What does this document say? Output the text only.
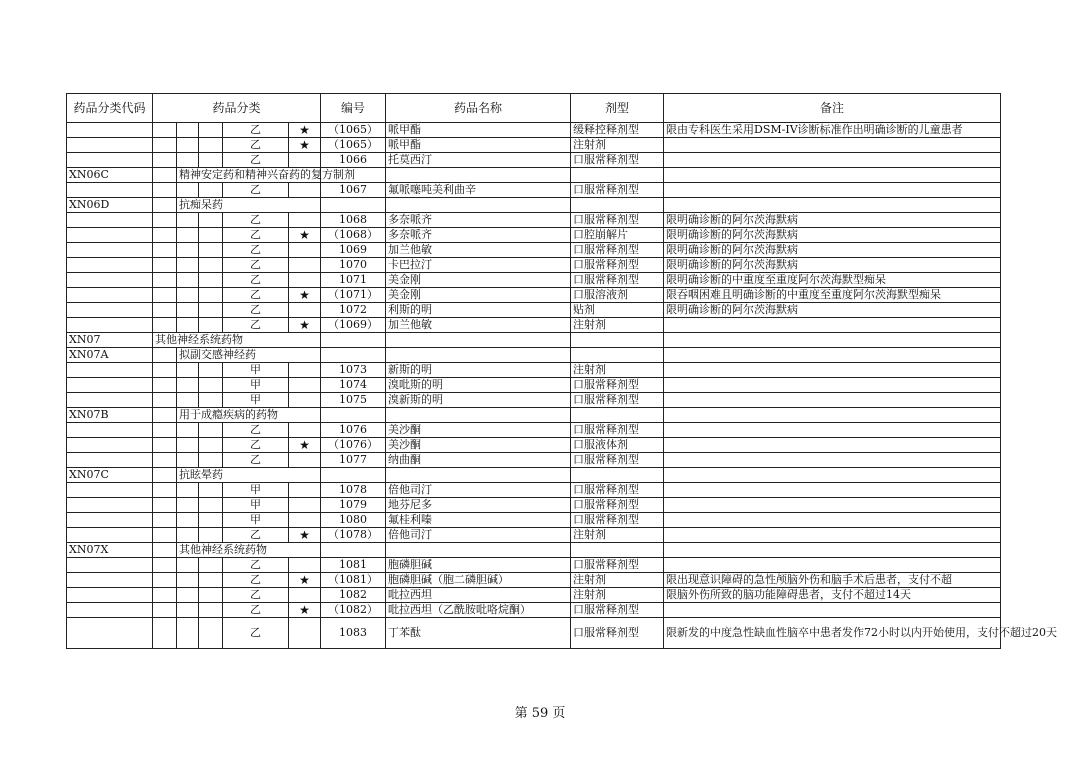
药品分类代码	药品分类					编号	药品名称	剂型	备注
				乙	★	（1065）	哌甲酯	缓释控释剂型	限由专科医生采用DSM-IV诊断标准作出明确诊断的儿童患者
				乙	★	（1065）	哌甲酯	注射剂	
				乙		1066	托莫西汀	口服常释剂型	
XN06C		精神安定药和精神兴奋药的复方制剂							
				乙		1067	氟哌噻吨美利曲辛	口服常释剂型	
XN06D		抗痴呆药							
				乙		1068	多奈哌齐	口服常释剂型	限明确诊断的阿尔茨海默病
				乙	★	（1068）	多奈哌齐	口腔崩解片	限明确诊断的阿尔茨海默病
				乙		1069	加兰他敏	口服常释剂型	限明确诊断的阿尔茨海默病
				乙		1070	卡巴拉汀	口服常释剂型	限明确诊断的阿尔茨海默病
				乙		1071	美金刚	口服常释剂型	限明确诊断的中重度至重度阿尔茨海默型痴呆
				乙	★	（1071）	美金刚	口服溶液剂	限吞咽困难且明确诊断的中重度至重度阿尔茨海默型痴呆
				乙		1072	利斯的明	贴剂	限明确诊断的阿尔茨海默病
				乙	★	（1069）	加兰他敏	注射剂	
XN07	其他神经系统药物								
XN07A		拟副交感神经药							
				甲		1073	新斯的明	注射剂	
				甲		1074	溴吡斯的明	口服常释剂型	
				甲		1075	溴新斯的明	口服常释剂型	
XN07B		用于成瘾疾病的药物							
				乙		1076	美沙酮	口服常释剂型	
				乙	★	（1076）	美沙酮	口服液体剂	
				乙		1077	纳曲酮	口服常释剂型	
XN07C		抗眩晕药							
				甲		1078	倍他司汀	口服常释剂型	
				甲		1079	地芬尼多	口服常释剂型	
				甲		1080	氟桂利嗪	口服常释剂型	
				乙	★	（1078）	倍他司汀	注射剂	
XN07X		其他神经系统药物							
				乙		1081	胞磷胆碱	口服常释剂型	
				乙	★	（1081）	胞磷胆碱（胞二磷胆碱）	注射剂	限出现意识障碍的急性颅脑外伤和脑手术后患者，支付不超
				乙		1082	吡拉西坦	注射剂	限脑外伤所致的脑功能障碍患者，支付不超过14天
				乙	★	（1082）	吡拉西坦（乙酰胺吡咯烷酮）	口服常释剂型	
				乙		1083	丁苯酞	口服常释剂型	限新发的中度急性缺血性脑卒中患者发作72小时以内开始使用，支付不超过20天
第 59 页
